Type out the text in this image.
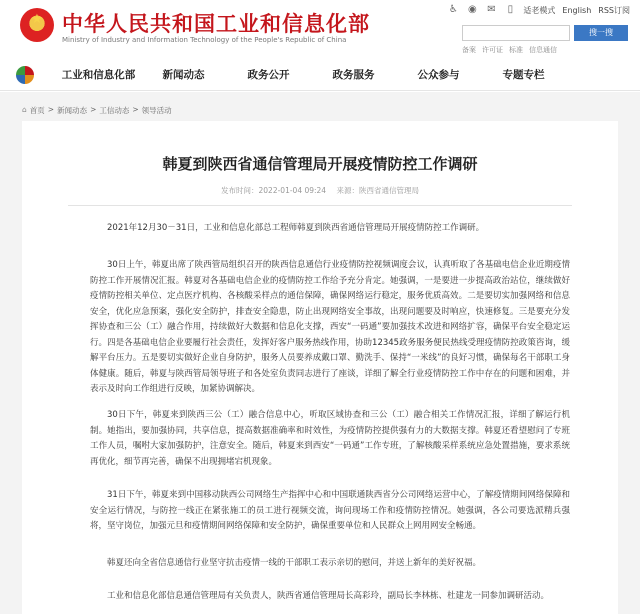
★ 中华人民共和国工业和信息化部
Ministry of Industry and Information Technology of the People's Republic of China
♿ ◉ ✉	▯	适老模式 English RSS订阅
搜一搜
备案 许可证 标准 信息通信
工业和信息化部	新闻动态	政务公开	政务服务	公众参与	专题专栏
⌂ 首页 > 新闻动态 > 工信动态 > 领导活动
韩夏到陕西省通信管理局开展疫情防控工作调研
发布时间：2022-01-04 09:24 来源：陕西省通信管理局

2021年12月30－31日，工业和信息化部总工程师韩夏到陕西省通信管理局开展疫情防控工作调研。

30日上午，韩夏出席了陕西管局组织召开的陕西信息通信行业疫情防控视频调度会议，认真听取了各基础电信企业近期疫情防控工作开展情况汇报。韩夏对各基础电信企业的疫情防控工作给予充分肯定。她强调，一是要进一步提高政治站位，继续做好疫情防控相关单位、定点医疗机构、各核酸采样点的通信保障，确保网络运行稳定，服务优质高效。二是要切实加强网络和信息安全，优化应急预案，强化安全防护，排查安全隐患，防止出现网络安全事故，出现问题要及时响应，快速修复。三是要充分发挥协查和三公（工）融合作用，持续做好大数据和信息化支撑，西安“一码通”要加强技术改进和网络扩容，确保平台安全稳定运行。四是各基础电信企业要履行社会责任，发挥好客户服务热线作用，协助12345政务服务便民热线受理疫情防控政策咨询，缓解平台压力。五是要切实做好企业自身防护，服务人员要养成戴口罩、勤洗手、保持“一米线”的良好习惯，确保每名干部职工身体健康。随后，韩夏与陕西管局领导班子和各处室负责同志进行了座谈，详细了解全行业疫情防控工作中存在的问题和困难，并表示及时向工作组进行反映，加紧协调解决。

30日下午，韩夏来到陕西三公（工）融合信息中心，听取区域协查和三公（工）融合相关工作情况汇报，详细了解运行机制。她指出，要加强协同，共享信息，提高数据准确率和时效性，为疫情防控提供强有力的大数据支撑。韩夏还看望慰问了专班工作人员，嘱咐大家加强防护，注意安全。随后，韩夏来到西安“一码通”工作专班，了解核酸采样系统应急处置措施，要求系统再优化，细节再完善，确保不出现拥堵宕机现象。

31日下午，韩夏来到中国移动陕西公司网络生产指挥中心和中国联通陕西省分公司网络运营中心，了解疫情期间网络保障和安全运行情况，与防控一线正在紧张施工的员工进行视频交流，询问现场工作和疫情防控情况。她强调，各公司要选派精兵强将，坚守岗位，加强元旦和疫情期间网络保障和安全防护，确保重要单位和人民群众上网用网安全畅通。

韩夏还向全省信息通信行业坚守抗击疫情一线的干部职工表示亲切的慰问，并送上新年的美好祝福。

工业和信息化部信息通信管理局有关负责人，陕西省通信管理局长高彩玲，副局长李林栋、杜建龙一同参加调研活动。
